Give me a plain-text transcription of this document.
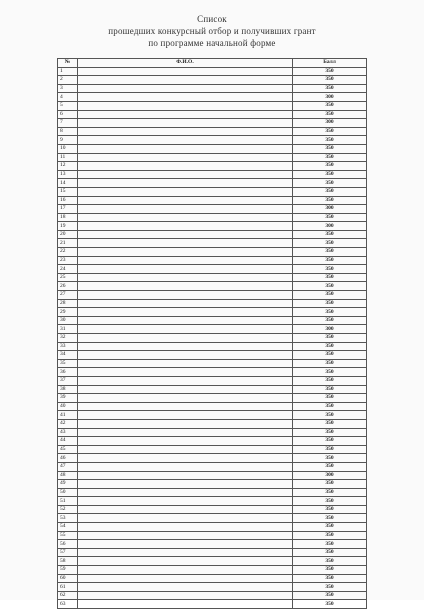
Список
прошедших конкурсный отбор и получивших грант
по программе начальной форме
№	Ф.И.О.	Балл
1		350
2		350
3		350
4		300
5		350
6		350
7		300
8		350
9		350
10		350
11		350
12		350
13		350
14		350
15		350
16		350
17		300
18		350
19		300
20		350
21		350
22		350
23		350
24		350
25		350
26		350
27		350
28		350
29		350
30		350
31		300
32		350
33		350
34		350
35		350
36		350
37		350
38		350
39		350
40		350
41		350
42		350
43		350
44		350
45		350
46		350
47		350
48		300
49		350
50		350
51		350
52		350
53		350
54		350
55		350
56		350
57		350
58		350
59		350
60		350
61		350
62		350
63		350
